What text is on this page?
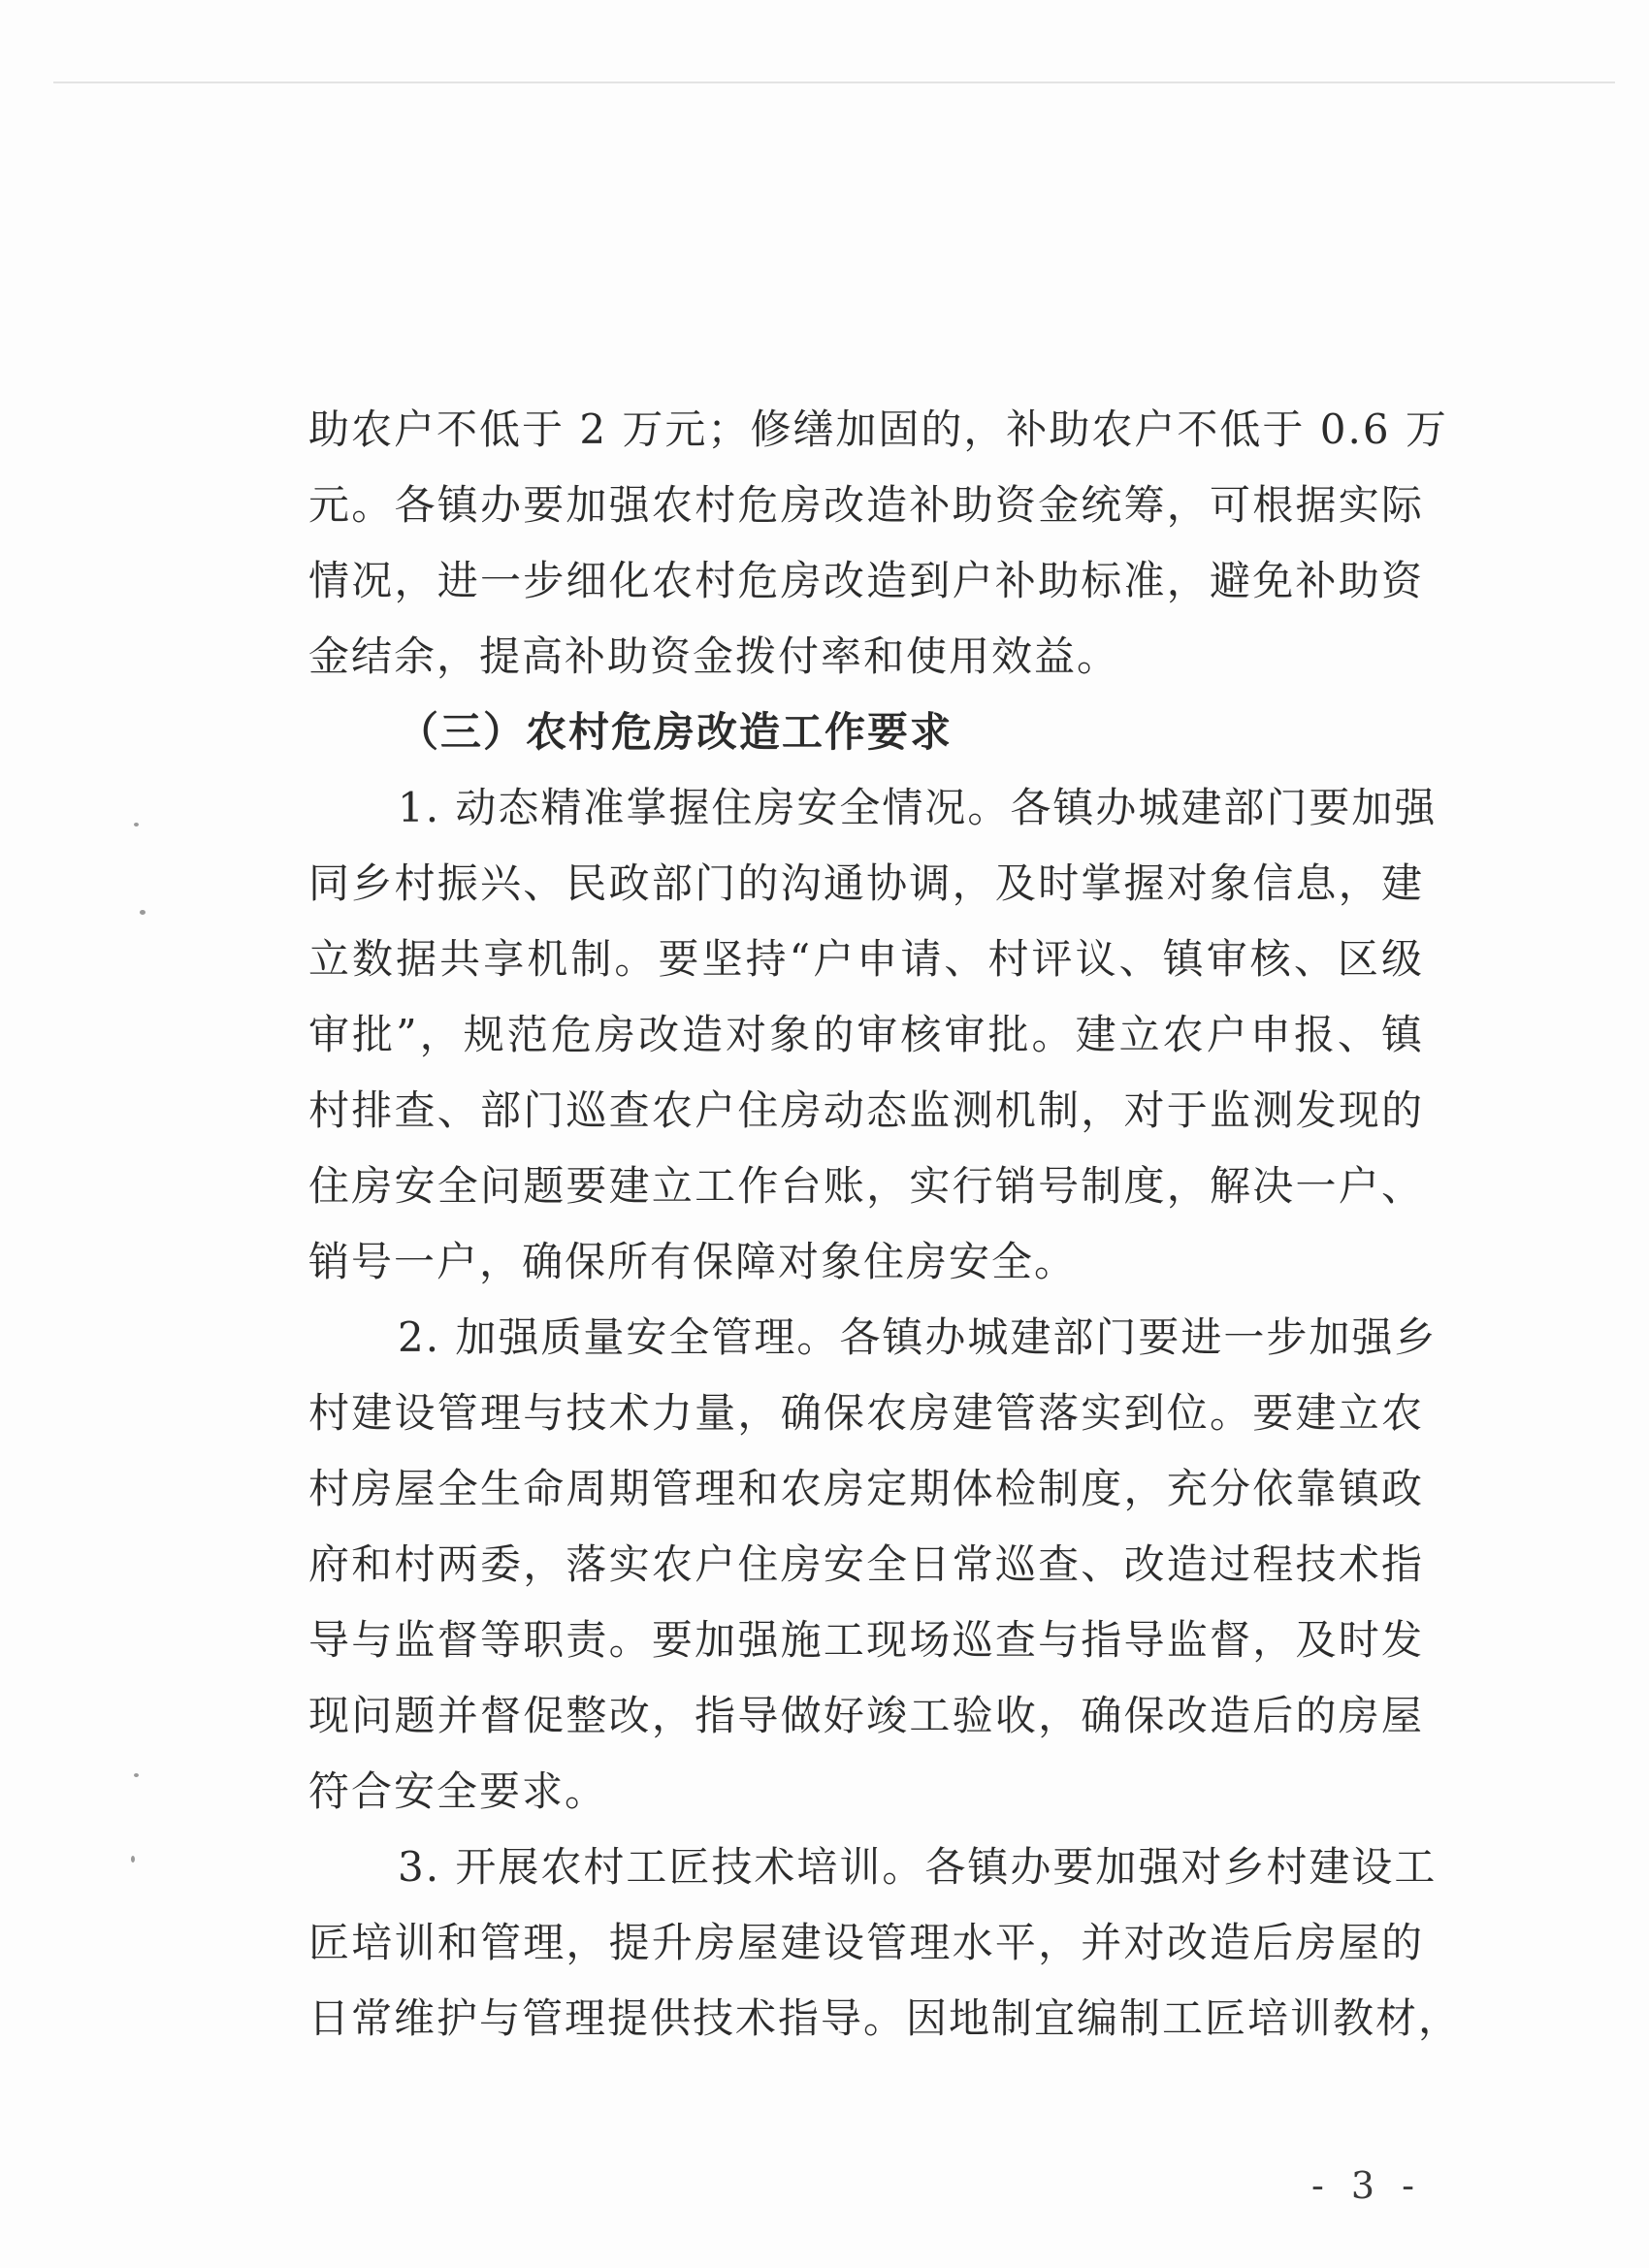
助农户不低于 2 万元；修缮加固的，补助农户不低于 0.6 万
元。各镇办要加强农村危房改造补助资金统筹，可根据实际
情况，进一步细化农村危房改造到户补助标准，避免补助资
金结余，提高补助资金拨付率和使用效益。
（三）农村危房改造工作要求
1. 动态精准掌握住房安全情况。各镇办城建部门要加强
同乡村振兴、民政部门的沟通协调，及时掌握对象信息，建
立数据共享机制。要坚持“户申请、村评议、镇审核、区级
审批”，规范危房改造对象的审核审批。建立农户申报、镇
村排查、部门巡查农户住房动态监测机制，对于监测发现的
住房安全问题要建立工作台账，实行销号制度，解决一户、
销号一户，确保所有保障对象住房安全。
2. 加强质量安全管理。各镇办城建部门要进一步加强乡
村建设管理与技术力量，确保农房建管落实到位。要建立农
村房屋全生命周期管理和农房定期体检制度，充分依靠镇政
府和村两委，落实农户住房安全日常巡查、改造过程技术指
导与监督等职责。要加强施工现场巡查与指导监督，及时发
现问题并督促整改，指导做好竣工验收，确保改造后的房屋
符合安全要求。
3. 开展农村工匠技术培训。各镇办要加强对乡村建设工
匠培训和管理，提升房屋建设管理水平，并对改造后房屋的
日常维护与管理提供技术指导。因地制宜编制工匠培训教材，
- 3 -
